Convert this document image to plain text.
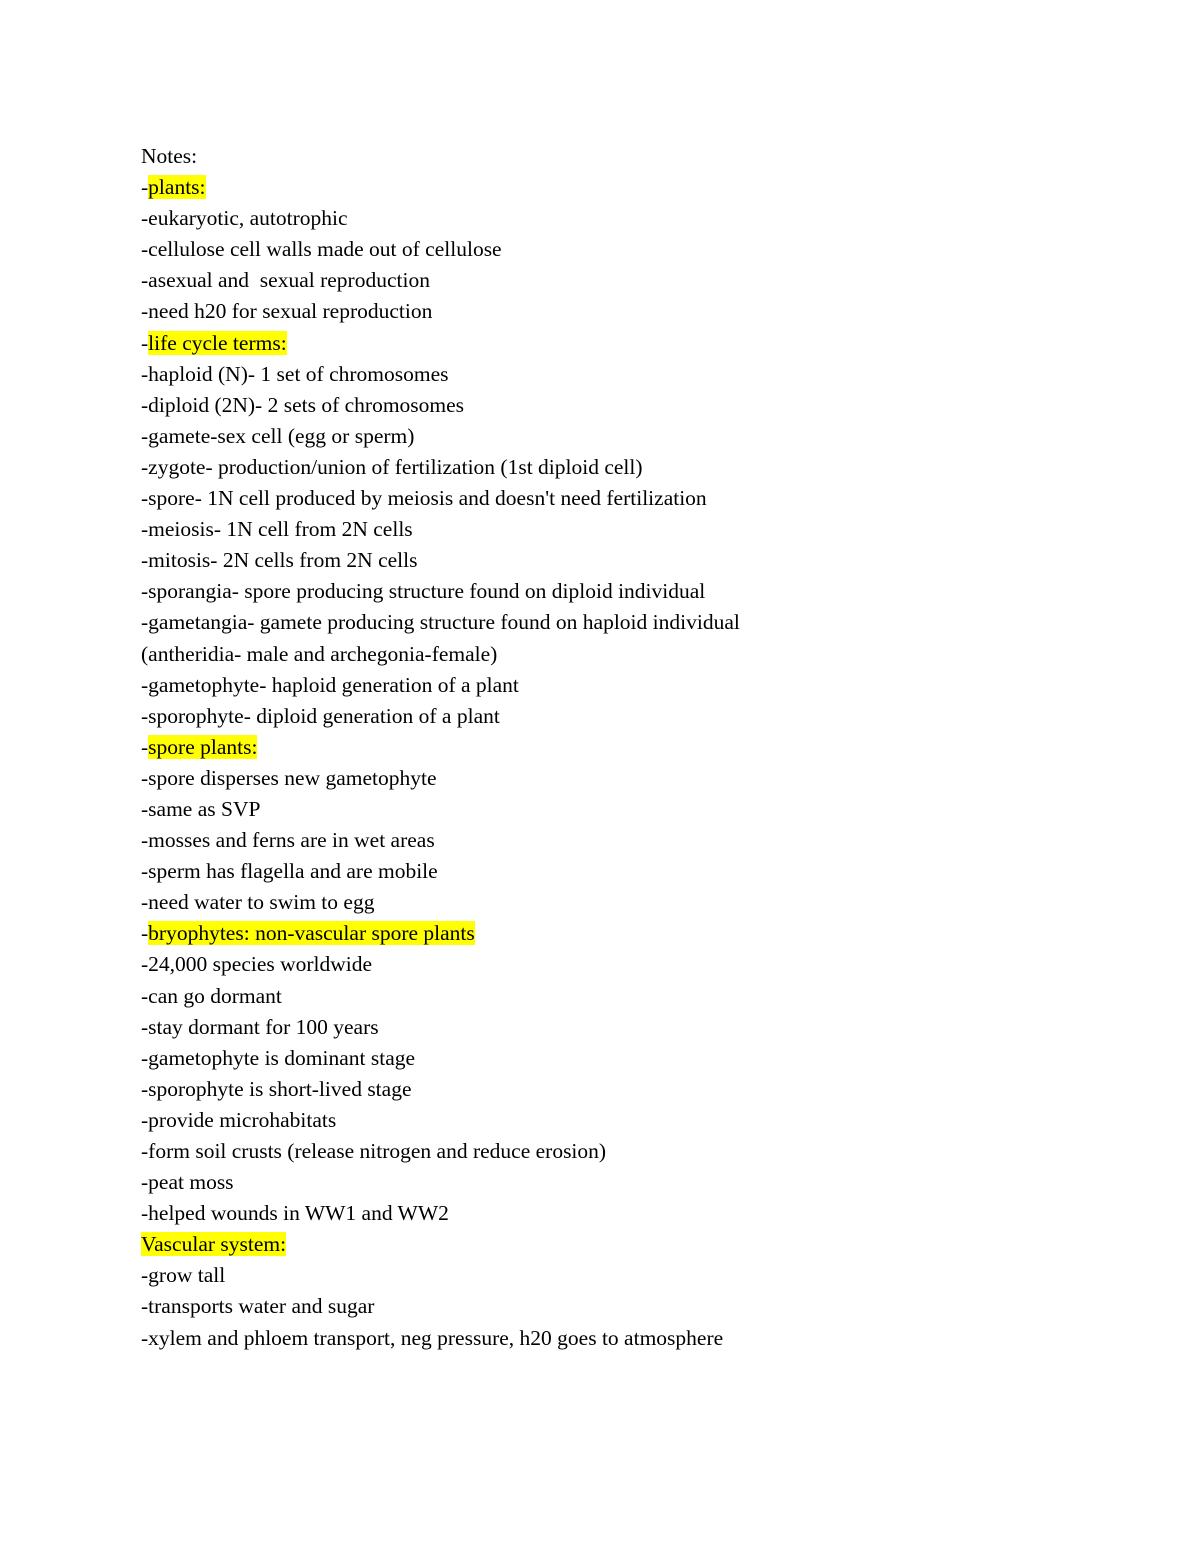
Notes:
-plants:
-eukaryotic, autotrophic
-cellulose cell walls made out of cellulose
-asexual and  sexual reproduction
-need h20 for sexual reproduction
-life cycle terms:
-haploid (N)- 1 set of chromosomes
-diploid (2N)- 2 sets of chromosomes
-gamete-sex cell (egg or sperm)
-zygote- production/union of fertilization (1st diploid cell)
-spore- 1N cell produced by meiosis and doesn't need fertilization
-meiosis- 1N cell from 2N cells
-mitosis- 2N cells from 2N cells
-sporangia- spore producing structure found on diploid individual
-gametangia- gamete producing structure found on haploid individual
(antheridia- male and archegonia-female)
-gametophyte- haploid generation of a plant
-sporophyte- diploid generation of a plant
-spore plants:
-spore disperses new gametophyte
-same as SVP
-mosses and ferns are in wet areas
-sperm has flagella and are mobile
-need water to swim to egg
-bryophytes: non-vascular spore plants
-24,000 species worldwide
-can go dormant
-stay dormant for 100 years
-gametophyte is dominant stage
-sporophyte is short-lived stage
-provide microhabitats
-form soil crusts (release nitrogen and reduce erosion)
-peat moss
-helped wounds in WW1 and WW2
Vascular system:
-grow tall
-transports water and sugar
-xylem and phloem transport, neg pressure, h20 goes to atmosphere
